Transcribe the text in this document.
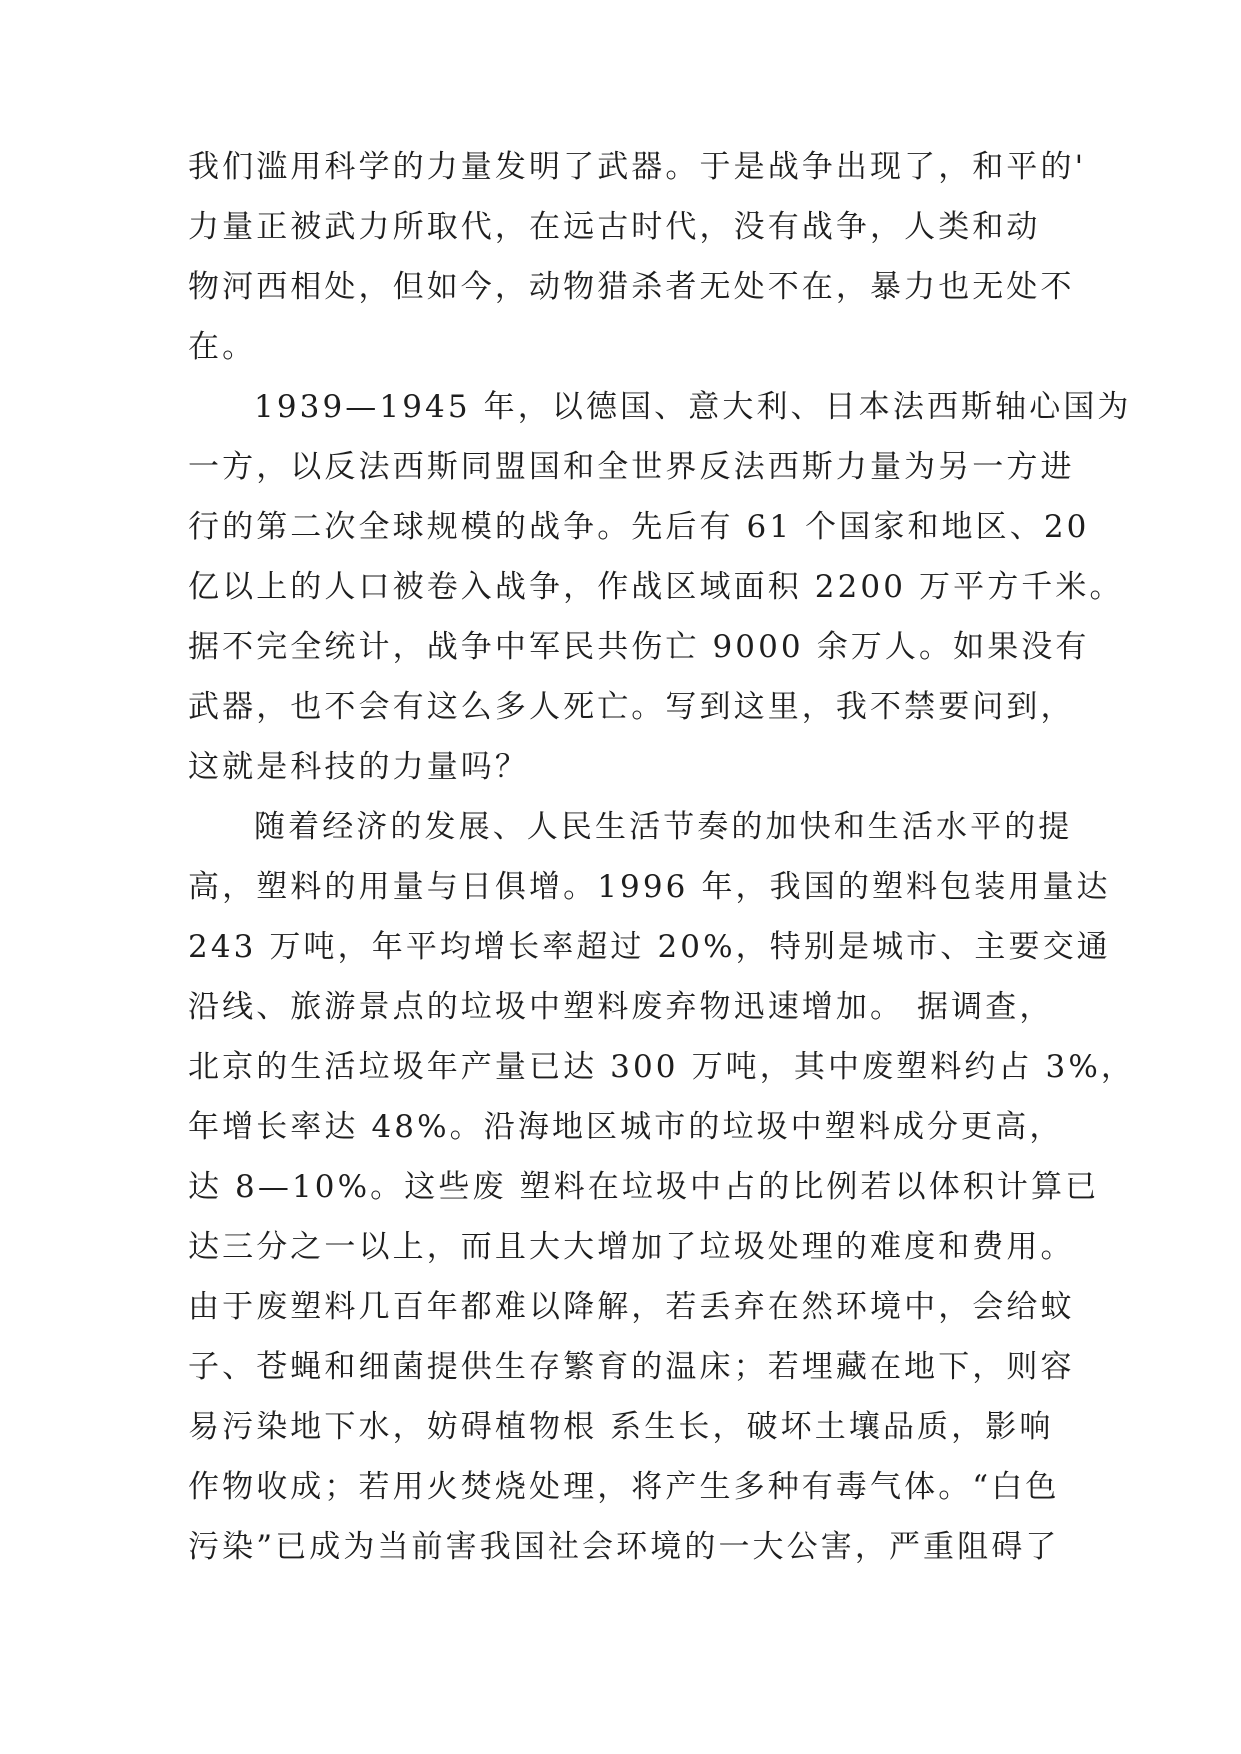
我们滥用科学的力量发明了武器。于是战争出现了，和平的'
力量正被武力所取代，在远古时代，没有战争，人类和动
物河西相处，但如今，动物猎杀者无处不在，暴力也无处不
在。
1939—1945 年，以德国、意大利、日本法西斯轴心国为
一方，以反法西斯同盟国和全世界反法西斯力量为另一方进
行的第二次全球规模的战争。先后有 61 个国家和地区、20
亿以上的人口被卷入战争，作战区域面积 2200 万平方千米。
据不完全统计，战争中军民共伤亡 9000 余万人。如果没有
武器，也不会有这么多人死亡。写到这里，我不禁要问到，
这就是科技的力量吗？
随着经济的发展、人民生活节奏的加快和生活水平的提
高，塑料的用量与日俱增。1996 年，我国的塑料包装用量达
243 万吨，年平均增长率超过 20%，特别是城市、主要交通
沿线、旅游景点的垃圾中塑料废弃物迅速增加。 据调查，
北京的生活垃圾年产量已达 300 万吨，其中废塑料约占 3%，
年增长率达 48%。沿海地区城市的垃圾中塑料成分更高，
达 8—10%。这些废 塑料在垃圾中占的比例若以体积计算已
达三分之一以上，而且大大增加了垃圾处理的难度和费用。
由于废塑料几百年都难以降解，若丢弃在然环境中，会给蚊
子、苍蝇和细菌提供生存繁育的温床；若埋藏在地下，则容
易污染地下水，妨碍植物根 系生长，破坏土壤品质，影响
作物收成；若用火焚烧处理，将产生多种有毒气体。“白色
污染”已成为当前害我国社会环境的一大公害，严重阻碍了
